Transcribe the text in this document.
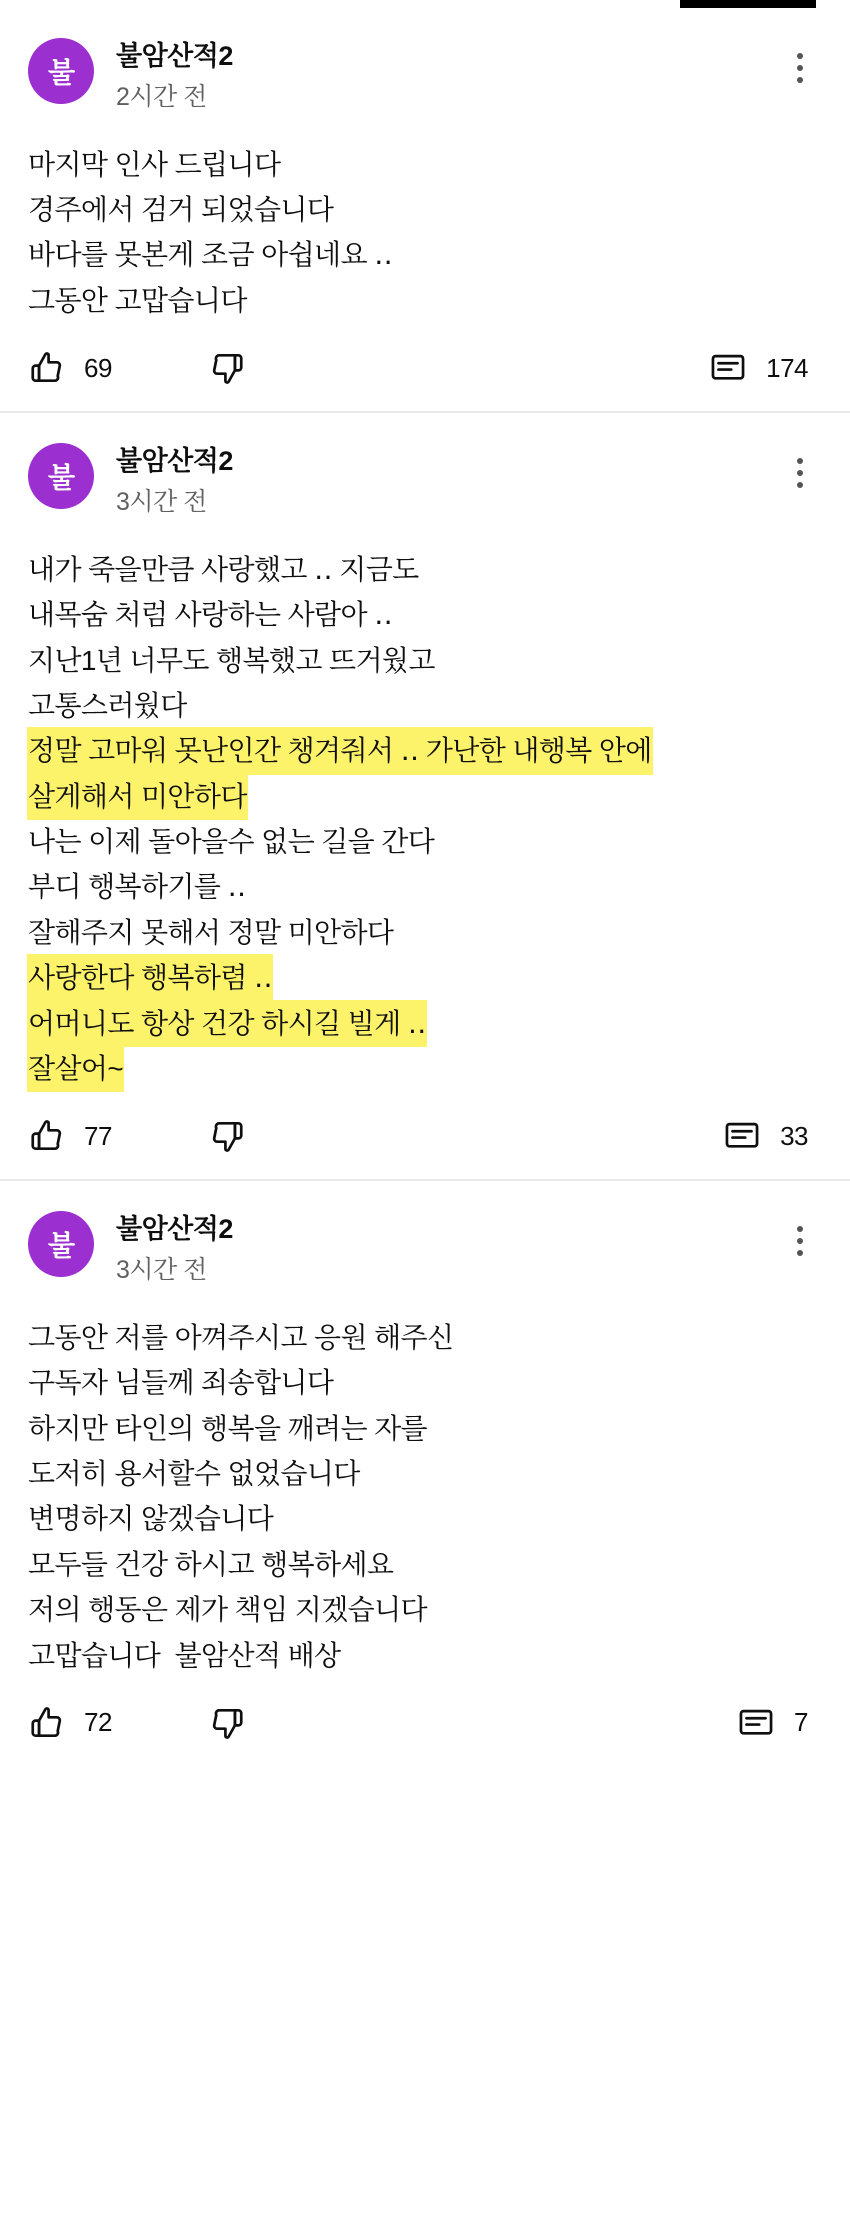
불
불암산적2
2시간 전
마지막 인사 드립니다
경주에서 검거 되었습니다
바다를 못본게 조금 아쉽네요 ‥
그동안 고맙습니다
69	174
불
불암산적2
3시간 전
내가 죽을만큼 사랑했고 ‥ 지금도
내목숨 처럼 사랑하는 사람아 ‥
지난1년 너무도 행복했고 뜨거웠고
고통스러웠다
정말 고마워 못난인간 챙겨줘서 ‥ 가난한 내행복 안에
살게해서 미안하다
나는 이제 돌아을수 없는 길을 간다
부디 행복하기를 ‥
잘해주지 못해서 정말 미안하다
사랑한다 행복하렴 ‥
어머니도 항상 건강 하시길 빌게 ‥
잘살어~
77	33
불
불암산적2
3시간 전
그동안 저를 아껴주시고 응원 해주신
구독자 님들께 죄송합니다
하지만 타인의 행복을 깨려는 자를
도저히 용서할수 없었습니다
변명하지 않겠습니다
모두들 건강 하시고 행복하세요
저의 행동은 제가 책임 지겠습니다
고맙습니다  불암산적 배상
72	7
